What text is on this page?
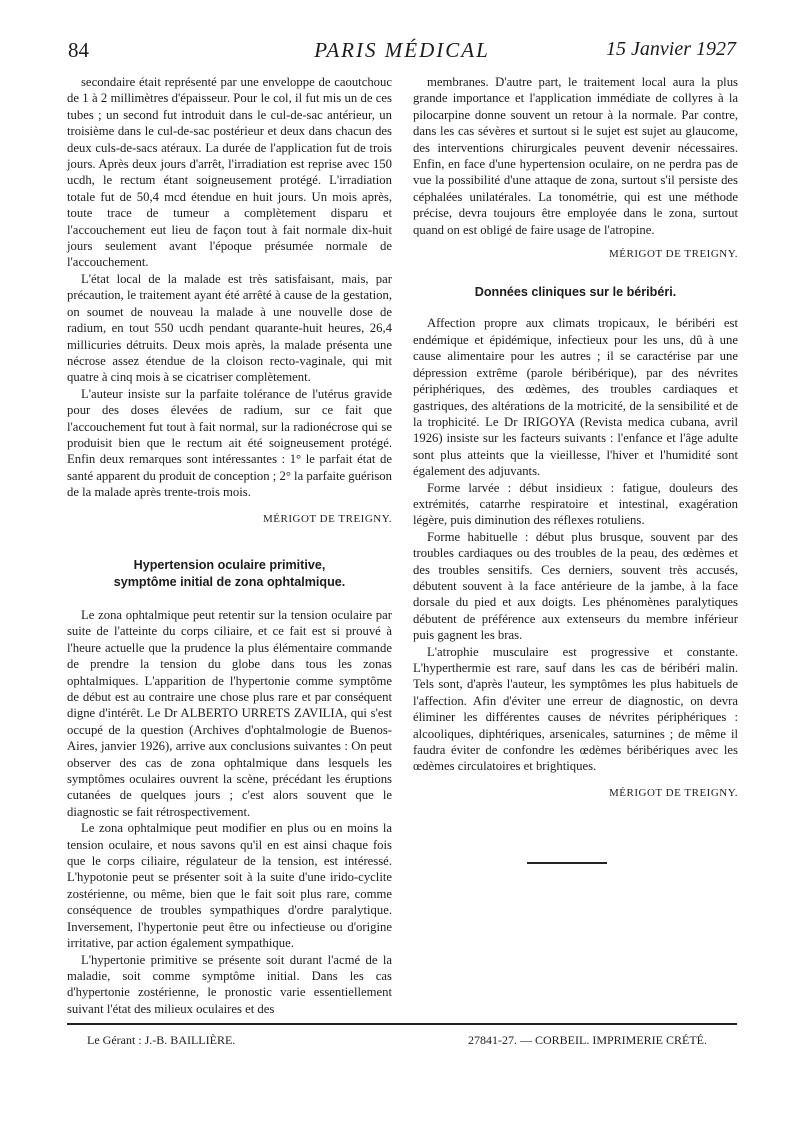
84	PARIS MÉDICAL	15 Janvier 1927

secondaire était représenté par une enveloppe de caoutchouc de 1 à 2 millimètres d'épaisseur. Pour le col, il fut mis un de ces tubes ; un second fut introduit dans le cul-de-sac antérieur, un troisième dans le cul-de-sac postérieur et deux dans chacun des deux culs-de-sacs atéraux. La durée de l'application fut de trois jours. Après deux jours d'arrêt, l'irradiation est reprise avec 150 ucdh, le rectum étant soigneusement protégé. L'irradiation totale fut de 50,4 mcd étendue en huit jours. Un mois après, toute trace de tumeur a complètement disparu et l'accouchement eut lieu de façon tout à fait normale dix-huit jours seulement avant l'époque présumée normale de l'accouchement.

L'état local de la malade est très satisfaisant, mais, par précaution, le traitement ayant été arrêté à cause de la gestation, on soumet de nouveau la malade à une nouvelle dose de radium, en tout 550 ucdh pendant quarante-huit heures, 26,4 millicuries détruits. Deux mois après, la malade présenta une nécrose assez étendue de la cloison recto-vaginale, qui mit quatre à cinq mois à se cicatriser complètement.

L'auteur insiste sur la parfaite tolérance de l'utérus gravide pour des doses élevées de radium, sur ce fait que l'accouchement fut tout à fait normal, sur la radionécrose qui se produisit bien que le rectum ait été soigneusement protégé. Enfin deux remarques sont intéressantes : 1° le parfait état de santé apparent du produit de conception ; 2° la parfaite guérison de la malade après trente-trois mois.

MÉRIGOT DE TREIGNY.

Hypertension oculaire primitive,
symptôme initial de zona ophtalmique.

Le zona ophtalmique peut retentir sur la tension oculaire par suite de l'atteinte du corps ciliaire, et ce fait est si prouvé à l'heure actuelle que la prudence la plus élémentaire commande de prendre la tension du globe dans tous les zonas ophtalmiques. L'apparition de l'hypertonie comme symptôme de début est au contraire une chose plus rare et par conséquent digne d'intérêt. Le Dr ALBERTO URRETS ZAVILIA, qui s'est occupé de la question (Archives d'ophtalmologie de Buenos-Aires, janvier 1926), arrive aux conclusions suivantes : On peut observer des cas de zona ophtalmique dans lesquels les symptômes oculaires ouvrent la scène, précédant les éruptions cutanées de quelques jours ; c'est alors souvent que le diagnostic se fait rétrospectivement.

Le zona ophtalmique peut modifier en plus ou en moins la tension oculaire, et nous savons qu'il en est ainsi chaque fois que le corps ciliaire, régulateur de la tension, est intéressé. L'hypotonie peut se présenter soit à la suite d'une irido-cyclite zostérienne, ou même, bien que le fait soit plus rare, comme conséquence de troubles sympathiques d'ordre paralytique. Inversement, l'hypertonie peut être ou infectieuse ou d'origine irritative, par action également sympathique.

L'hypertonie primitive se présente soit durant l'acmé de la maladie, soit comme symptôme initial. Dans les cas d'hypertonie zostérienne, le pronostic varie essentiellement suivant l'état des milieux oculaires et des

membranes. D'autre part, le traitement local aura la plus grande importance et l'application immédiate de collyres à la pilocarpine donne souvent un retour à la normale. Par contre, dans les cas sévères et surtout si le sujet est sujet au glaucome, des interventions chirurgicales peuvent devenir nécessaires. Enfin, en face d'une hypertension oculaire, on ne perdra pas de vue la possibilité d'une attaque de zona, surtout s'il persiste des céphalées unilatérales. La tonométrie, qui est une méthode précise, devra toujours être employée dans le zona, surtout quand on est obligé de faire usage de l'atropine.

MÉRIGOT DE TREIGNY.

Données cliniques sur le béribéri.

Affection propre aux climats tropicaux, le béribéri est endémique et épidémique, infectieux pour les uns, dû à une cause alimentaire pour les autres ; il se caractérise par une dépression extrême (parole béribérique), par des névrites périphériques, des œdèmes, des troubles cardiaques et gastriques, des altérations de la motricité, de la sensibilité et de la trophicité. Le Dr IRIGOYA (Revista medica cubana, avril 1926) insiste sur les facteurs suivants : l'enfance et l'âge adulte sont plus atteints que la vieillesse, l'hiver et l'humidité sont également des adjuvants.

Forme larvée : début insidieux : fatigue, douleurs des extrémités, catarrhe respiratoire et intestinal, exagération légère, puis diminution des réflexes rotuliens.

Forme habituelle : début plus brusque, souvent par des troubles cardiaques ou des troubles de la peau, des œdèmes et des troubles sensitifs. Ces derniers, souvent très accusés, débutent souvent à la face antérieure de la jambe, à la face dorsale du pied et aux doigts. Les phénomènes paralytiques débutent de préférence aux extenseurs du membre inférieur puis gagnent les bras.

L'atrophie musculaire est progressive et constante. L'hyperthermie est rare, sauf dans les cas de béribéri malin. Tels sont, d'après l'auteur, les symptômes les plus habituels de l'affection. Afin d'éviter une erreur de diagnostic, on devra éliminer les différentes causes de névrites périphériques : alcooliques, diphtériques, arsenicales, saturnines ; de même il faudra éviter de confondre les œdèmes béribériques avec les œdèmes circulatoires et brightiques.

MÉRIGOT DE TREIGNY.

Le Gérant : J.-B. BAILLIÈRE.	27841-27. — CORBEIL. IMPRIMERIE CRÉTÉ.
